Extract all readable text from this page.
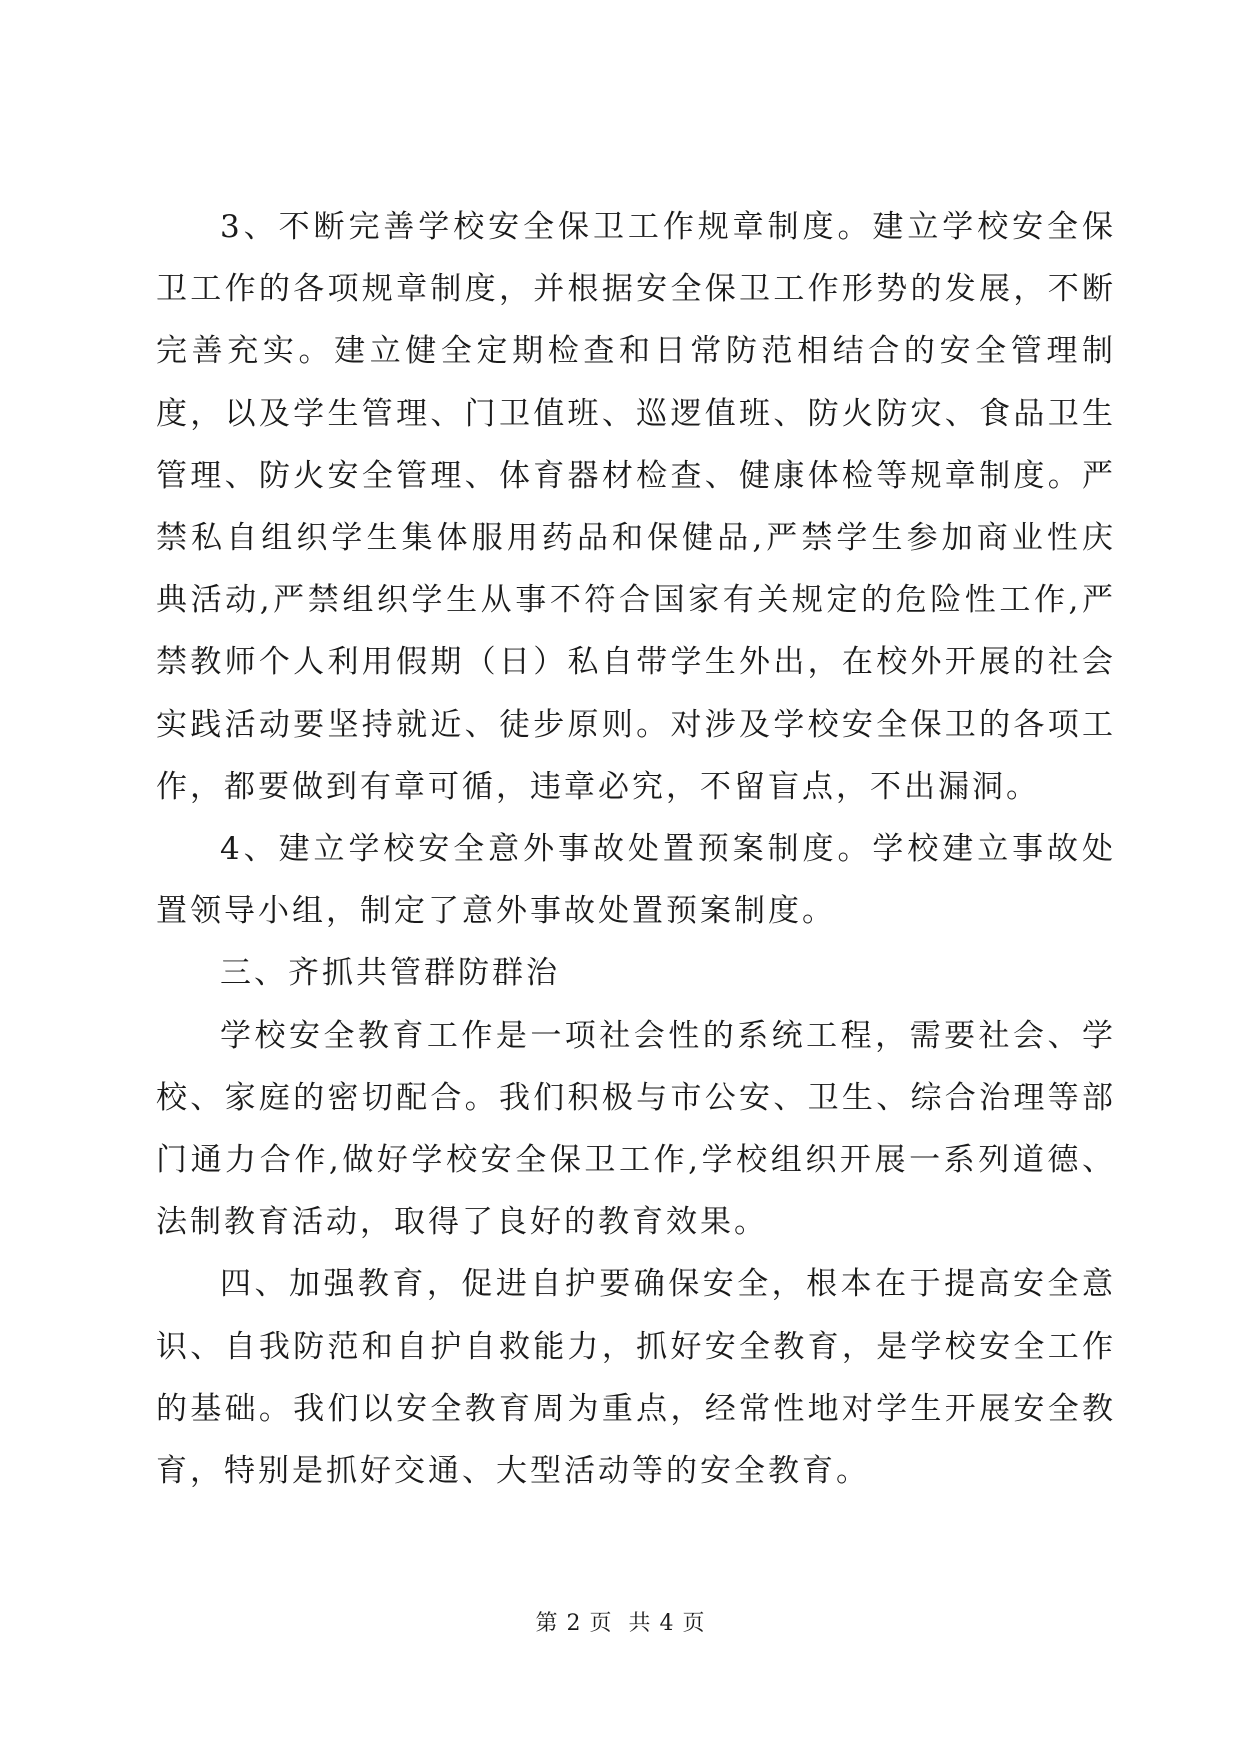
3、不断完善学校安全保卫工作规章制度。建立学校安全保卫工作的各项规章制度，并根据安全保卫工作形势的发展，不断完善充实。建立健全定期检查和日常防范相结合的安全管理制度，以及学生管理、门卫值班、巡逻值班、防火防灾、食品卫生管理、防火安全管理、体育器材检查、健康体检等规章制度。严禁私自组织学生集体服用药品和保健品,严禁学生参加商业性庆典活动,严禁组织学生从事不符合国家有关规定的危险性工作,严禁教师个人利用假期（日）私自带学生外出，在校外开展的社会实践活动要坚持就近、徒步原则。对涉及学校安全保卫的各项工作，都要做到有章可循，违章必究，不留盲点，不出漏洞。

4、建立学校安全意外事故处置预案制度。学校建立事故处置领导小组，制定了意外事故处置预案制度。

三、齐抓共管群防群治

学校安全教育工作是一项社会性的系统工程，需要社会、学校、家庭的密切配合。我们积极与市公安、卫生、综合治理等部门通力合作,做好学校安全保卫工作,学校组织开展一系列道德、法制教育活动，取得了良好的教育效果。

四、加强教育，促进自护要确保安全，根本在于提高安全意识、自我防范和自护自救能力，抓好安全教育，是学校安全工作的基础。我们以安全教育周为重点，经常性地对学生开展安全教育，特别是抓好交通、大型活动等的安全教育。

第 2 页 共 4 页
